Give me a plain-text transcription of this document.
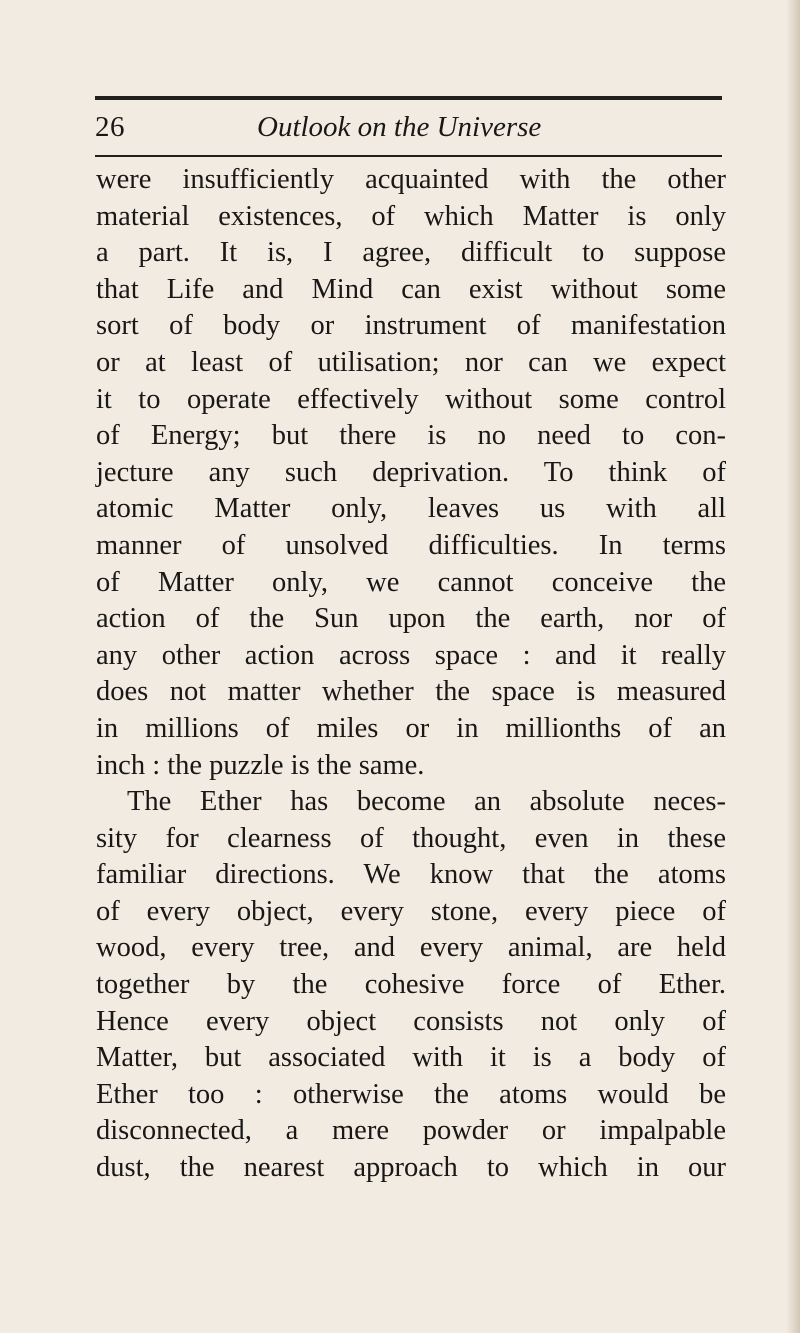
26	Outlook on the Universe
were insufficiently acquainted with the other
material existences, of which Matter is only
a part. It is, I agree, difficult to suppose
that Life and Mind can exist without some
sort of body or instrument of manifestation
or at least of utilisation; nor can we expect
it to operate effectively without some control
of Energy; but there is no need to con-
jecture any such deprivation. To think of
atomic Matter only, leaves us with all
manner of unsolved difficulties. In terms
of Matter only, we cannot conceive the
action of the Sun upon the earth, nor of
any other action across space : and it really
does not matter whether the space is measured
in millions of miles or in millionths of an
inch : the puzzle is the same.
The Ether has become an absolute neces-
sity for clearness of thought, even in these
familiar directions. We know that the atoms
of every object, every stone, every piece of
wood, every tree, and every animal, are held
together by the cohesive force of Ether.
Hence every object consists not only of
Matter, but associated with it is a body of
Ether too : otherwise the atoms would be
disconnected, a mere powder or impalpable
dust, the nearest approach to which in our
